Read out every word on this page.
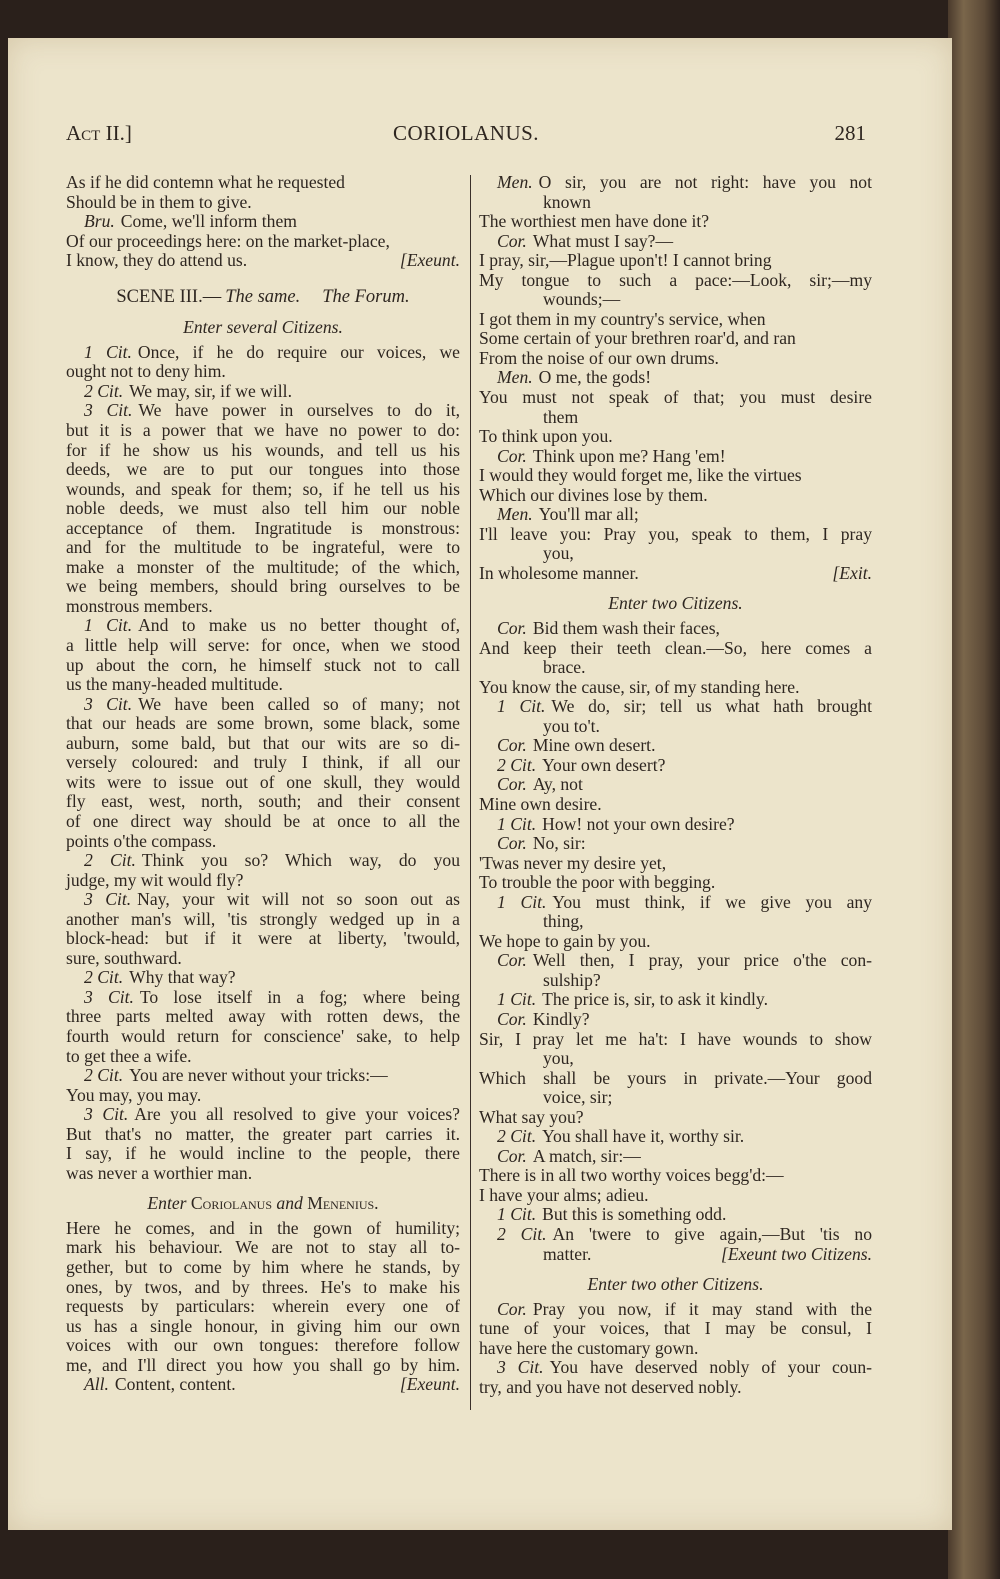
CORIOLANUS.
Act II.]	281
As if he did contemn what he requested
Should be in them to give.
Bru. Come, we'll inform them
Of our proceedings here: on the market-place,
I know, they do attend us.	[Exeunt.
SCENE III.— The same. The Forum.
Enter several Citizens.
1 Cit. Once, if he do require our voices, we
ought not to deny him.
2 Cit. We may, sir, if we will.
3 Cit. We have power in ourselves to do it,
but it is a power that we have no power to do:
for if he show us his wounds, and tell us his
deeds, we are to put our tongues into those
wounds, and speak for them; so, if he tell us his
noble deeds, we must also tell him our noble
acceptance of them. Ingratitude is monstrous:
and for the multitude to be ingrateful, were to
make a monster of the multitude; of the which,
we being members, should bring ourselves to be
monstrous members.
1 Cit. And to make us no better thought of,
a little help will serve: for once, when we stood
up about the corn, he himself stuck not to call
us the many-headed multitude.
3 Cit. We have been called so of many; not
that our heads are some brown, some black, some
auburn, some bald, but that our wits are so di-
versely coloured: and truly I think, if all our
wits were to issue out of one skull, they would
fly east, west, north, south; and their consent
of one direct way should be at once to all the
points o'the compass.
2 Cit. Think you so? Which way, do you
judge, my wit would fly?
3 Cit. Nay, your wit will not so soon out as
another man's will, 'tis strongly wedged up in a
block-head: but if it were at liberty, 'twould,
sure, southward.
2 Cit. Why that way?
3 Cit. To lose itself in a fog; where being
three parts melted away with rotten dews, the
fourth would return for conscience' sake, to help
to get thee a wife.
2 Cit. You are never without your tricks:—
You may, you may.
3 Cit. Are you all resolved to give your voices?
But that's no matter, the greater part carries it.
I say, if he would incline to the people, there
was never a worthier man.
Enter Coriolanus and Menenius.
Here he comes, and in the gown of humility;
mark his behaviour. We are not to stay all to-
gether, but to come by him where he stands, by
ones, by twos, and by threes. He's to make his
requests by particulars: wherein every one of
us has a single honour, in giving him our own
voices with our own tongues: therefore follow
me, and I'll direct you how you shall go by him.
All. Content, content.	[Exeunt.
Men. O sir, you are not right: have you not
known
The worthiest men have done it?
Cor. What must I say?—
I pray, sir,—Plague upon't! I cannot bring
My tongue to such a pace:—Look, sir;—my
wounds;—
I got them in my country's service, when
Some certain of your brethren roar'd, and ran
From the noise of our own drums.
Men. O me, the gods!
You must not speak of that; you must desire
them
To think upon you.
Cor. Think upon me? Hang 'em!
I would they would forget me, like the virtues
Which our divines lose by them.
Men. You'll mar all;
I'll leave you: Pray you, speak to them, I pray
you,
In wholesome manner.	[Exit.
Enter two Citizens.
Cor. Bid them wash their faces,
And keep their teeth clean.—So, here comes a
brace.
You know the cause, sir, of my standing here.
1 Cit. We do, sir; tell us what hath brought
you to't.
Cor. Mine own desert.
2 Cit. Your own desert?
Cor. Ay, not
Mine own desire.
1 Cit. How! not your own desire?
Cor. No, sir:
'Twas never my desire yet,
To trouble the poor with begging.
1 Cit. You must think, if we give you any
thing,
We hope to gain by you.
Cor. Well then, I pray, your price o'the con-
sulship?
1 Cit. The price is, sir, to ask it kindly.
Cor. Kindly?
Sir, I pray let me ha't: I have wounds to show
you,
Which shall be yours in private.—Your good
voice, sir;
What say you?
2 Cit. You shall have it, worthy sir.
Cor. A match, sir:—
There is in all two worthy voices begg'd:—
I have your alms; adieu.
1 Cit. But this is something odd.
2 Cit. An 'twere to give again,—But 'tis no
matter.	[Exeunt two Citizens.
Enter two other Citizens.
Cor. Pray you now, if it may stand with the
tune of your voices, that I may be consul, I
have here the customary gown.
3 Cit. You have deserved nobly of your coun-
try, and you have not deserved nobly.
